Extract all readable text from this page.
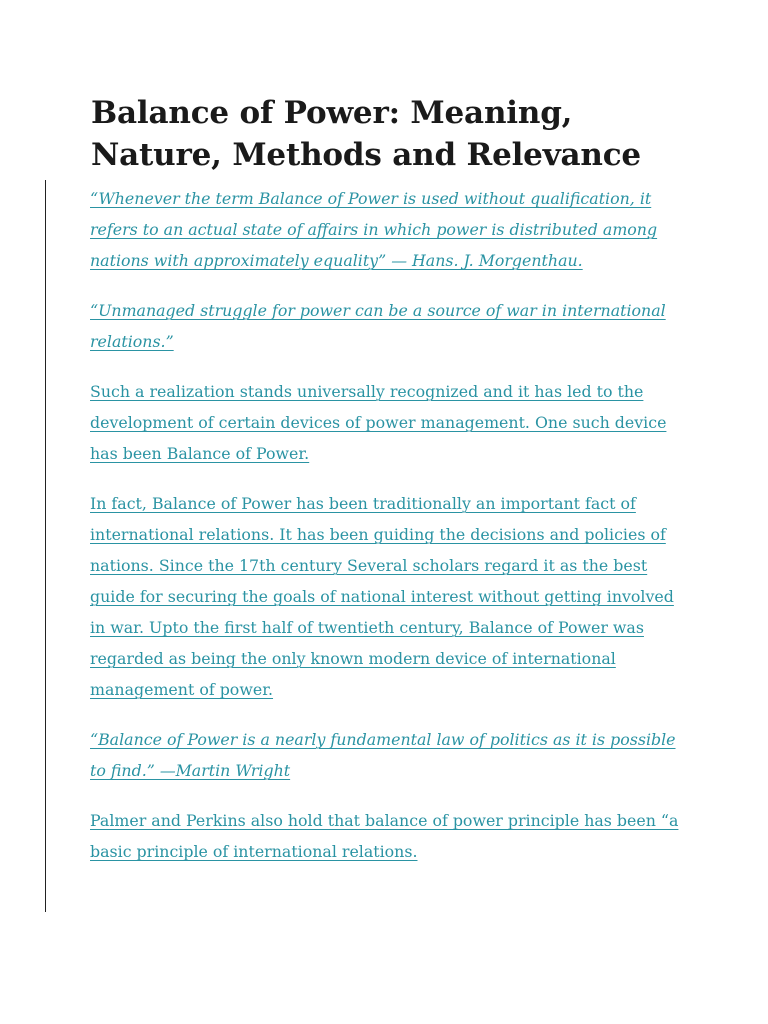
Balance of Power: Meaning,
Nature, Methods and Relevance

“Whenever the term Balance of Power is used without qualification, it refers to an actual state of affairs in which power is distributed among nations with approximately equality” — Hans. J. Morgenthau.

“Unmanaged struggle for power can be a source of war in international relations.”

Such a realization stands universally recognized and it has led to the development of certain devices of power management. One such device has been Balance of Power.

In fact, Balance of Power has been traditionally an important fact of international relations. It has been guiding the decisions and policies of nations. Since the 17th century Several scholars regard it as the best guide for securing the goals of national interest without getting involved in war. Upto the first half of twentieth century, Balance of Power was regarded as being the only known modern device of international management of power.

“Balance of Power is a nearly fundamental law of politics as it is possible to find.” —Martin Wright

Palmer and Perkins also hold that balance of power principle has been “a basic principle of international relations.
